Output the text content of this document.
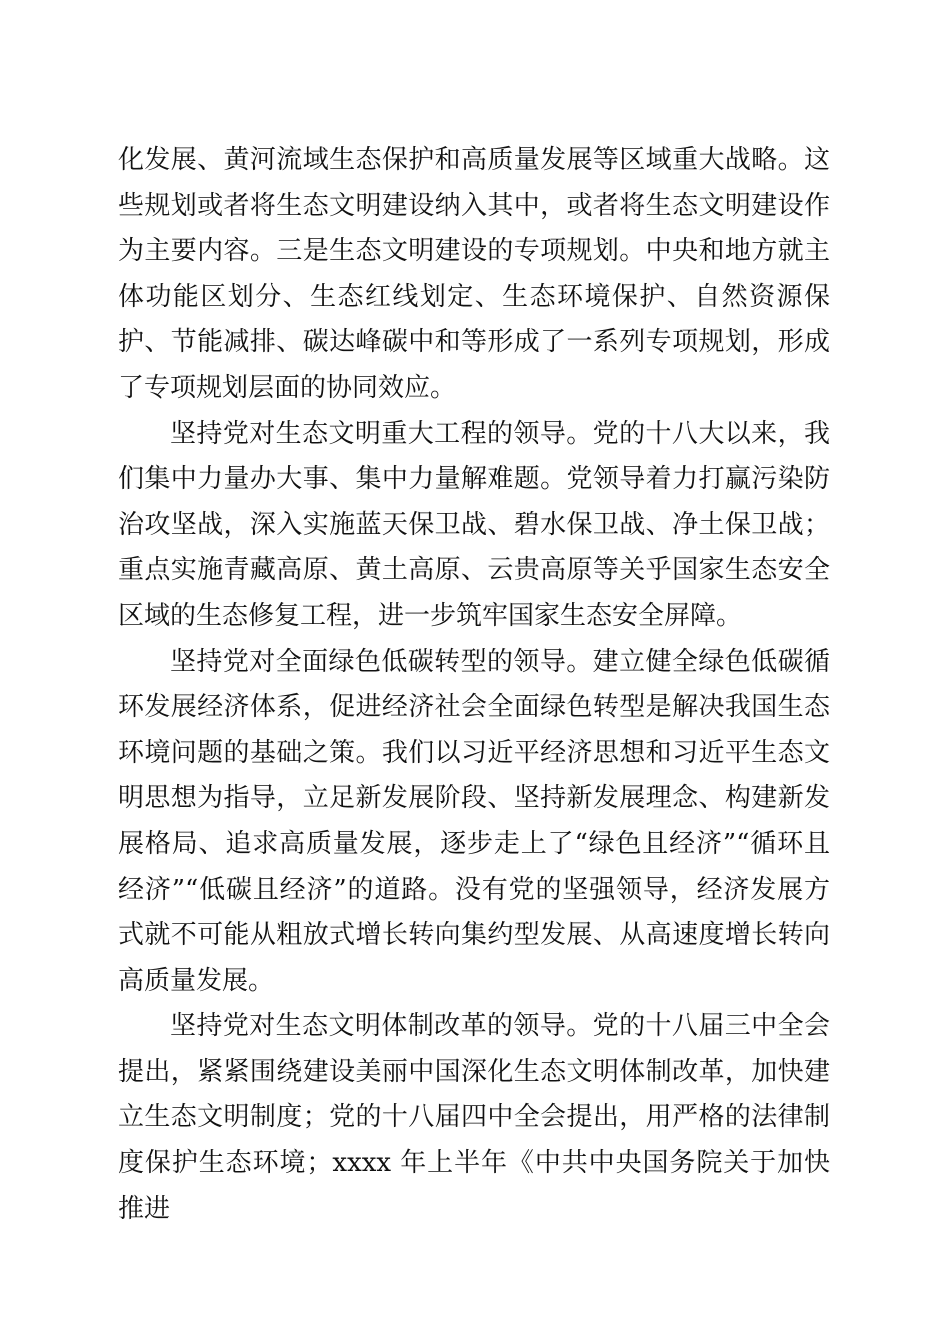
化发展、黄河流域生态保护和高质量发展等区域重大战略。这些规划或者将生态文明建设纳入其中，或者将生态文明建设作为主要内容。三是生态文明建设的专项规划。中央和地方就主体功能区划分、生态红线划定、生态环境保护、自然资源保护、节能减排、碳达峰碳中和等形成了一系列专项规划，形成了专项规划层面的协同效应。

坚持党对生态文明重大工程的领导。党的十八大以来，我们集中力量办大事、集中力量解难题。党领导着力打赢污染防治攻坚战，深入实施蓝天保卫战、碧水保卫战、净土保卫战；重点实施青藏高原、黄土高原、云贵高原等关乎国家生态安全区域的生态修复工程，进一步筑牢国家生态安全屏障。

坚持党对全面绿色低碳转型的领导。建立健全绿色低碳循环发展经济体系，促进经济社会全面绿色转型是解决我国生态环境问题的基础之策。我们以习近平经济思想和习近平生态文明思想为指导，立足新发展阶段、坚持新发展理念、构建新发展格局、追求高质量发展，逐步走上了“绿色且经济”“循环且经济”“低碳且经济”的道路。没有党的坚强领导，经济发展方式就不可能从粗放式增长转向集约型发展、从高速度增长转向高质量发展。

坚持党对生态文明体制改革的领导。党的十八届三中全会提出，紧紧围绕建设美丽中国深化生态文明体制改革，加快建立生态文明制度；党的十八届四中全会提出，用严格的法律制度保护生态环境；xxxx 年上半年《中共中央国务院关于加快推进
